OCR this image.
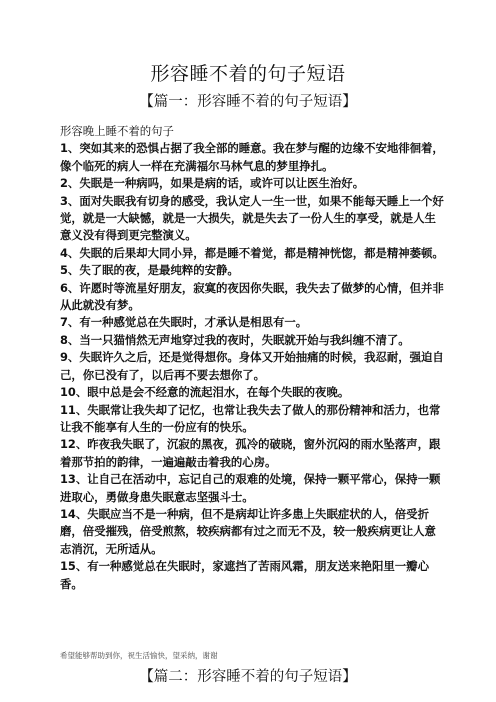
形容睡不着的句子短语
【篇一：形容睡不着的句子短语】
形容晚上睡不着的句子
1、突如其来的恐惧占据了我全部的睡意。我在梦与醒的边缘不安地徘徊着，像个临死的病人一样在充满福尔马林气息的梦里挣扎。
2、失眠是一种病吗，如果是病的话，或许可以让医生治好。
3、面对失眠我有切身的感受，我认定人一生一世，如果不能每天睡上一个好觉，就是一大缺憾，就是一大损失，就是失去了一份人生的享受，就是人生意义没有得到更完整演义。
4、失眠的后果却大同小异，都是睡不着觉，都是精神恍惚，都是精神萎顿。
5、失了眠的夜，是最纯粹的安静。
6、许愿时等流星好朋友，寂寞的夜因你失眠，我失去了做梦的心情，但并非从此就没有梦。
7、有一种感觉总在失眠时，才承认是相思有一。
8、当一只猫悄然无声地穿过我的夜时，失眠就开始与我纠缠不清了。
9、失眠许久之后，还是觉得想你。身体又开始抽痛的时候，我忍耐，强迫自己，你已没有了，以后再不要去想你了。
10、眼中总是会不经意的流起泪水，在每个失眠的夜晚。
11、失眠常让我失却了记忆，也常让我失去了做人的那份精神和活力，也常让我不能享有人生的一份应有的快乐。
12、昨夜我失眠了，沉寂的黑夜，孤冷的破晓，窗外沉闷的雨水坠落声，跟着那节拍的韵律，一遍遍敲击着我的心房。
13、让自己在活动中，忘记自己的艰难的处境，保持一颗平常心，保持一颗进取心，勇做身患失眠意志坚强斗士。
14、失眠应当不是一种病，但不是病却让许多患上失眠症状的人，倍受折磨，倍受摧残，倍受煎熬，较疾病都有过之而无不及，较一般疾病更让人意志消沉，无所适从。
15、有一种感觉总在失眠时，家遮挡了苦雨风霜，朋友送来艳阳里一瓣心香。
希望能够帮助到你，祝生活愉快，望采纳，谢谢
【篇二：形容睡不着的句子短语】
